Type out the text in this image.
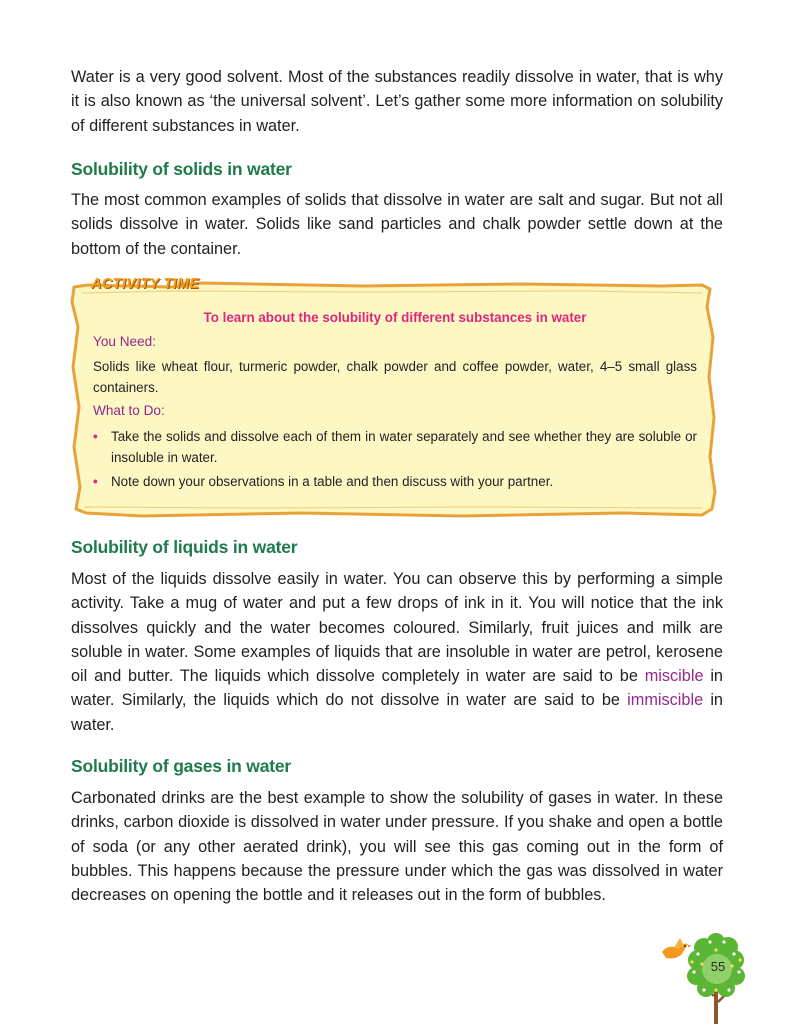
Water is a very good solvent. Most of the substances readily dissolve in water, that is why it is also known as ‘the universal solvent’. Let’s gather some more information on solubility of different substances in water.

Solubility of solids in water

The most common examples of solids that dissolve in water are salt and sugar. But not all solids dissolve in water. Solids like sand particles and chalk powder settle down at the bottom of the container.

ACTIVITY TIME

To learn about the solubility of different substances in water

You Need:

Solids like wheat flour, turmeric powder, chalk powder and coffee powder, water, 4–5 small glass containers.

What to Do:

• Take the solids and dissolve each of them in water separately and see whether they are soluble or insoluble in water.
• Note down your observations in a table and then discuss with your partner.
Solubility of liquids in water

Most of the liquids dissolve easily in water. You can observe this by performing a simple activity. Take a mug of water and put a few drops of ink in it. You will notice that the ink dissolves quickly and the water becomes coloured. Similarly, fruit juices and milk are soluble in water. Some examples of liquids that are insoluble in water are petrol, kerosene oil and butter. The liquids which dissolve completely in water are said to be miscible in water. Similarly, the liquids which do not dissolve in water are said to be immiscible in water.

Solubility of gases in water

Carbonated drinks are the best example to show the solubility of gases in water. In these drinks, carbon dioxide is dissolved in water under pressure. If you shake and open a bottle of soda (or any other aerated drink), you will see this gas coming out in the form of bubbles. This happens because the pressure under which the gas was dissolved in water decreases on opening the bottle and it releases out in the form of bubbles.

55
